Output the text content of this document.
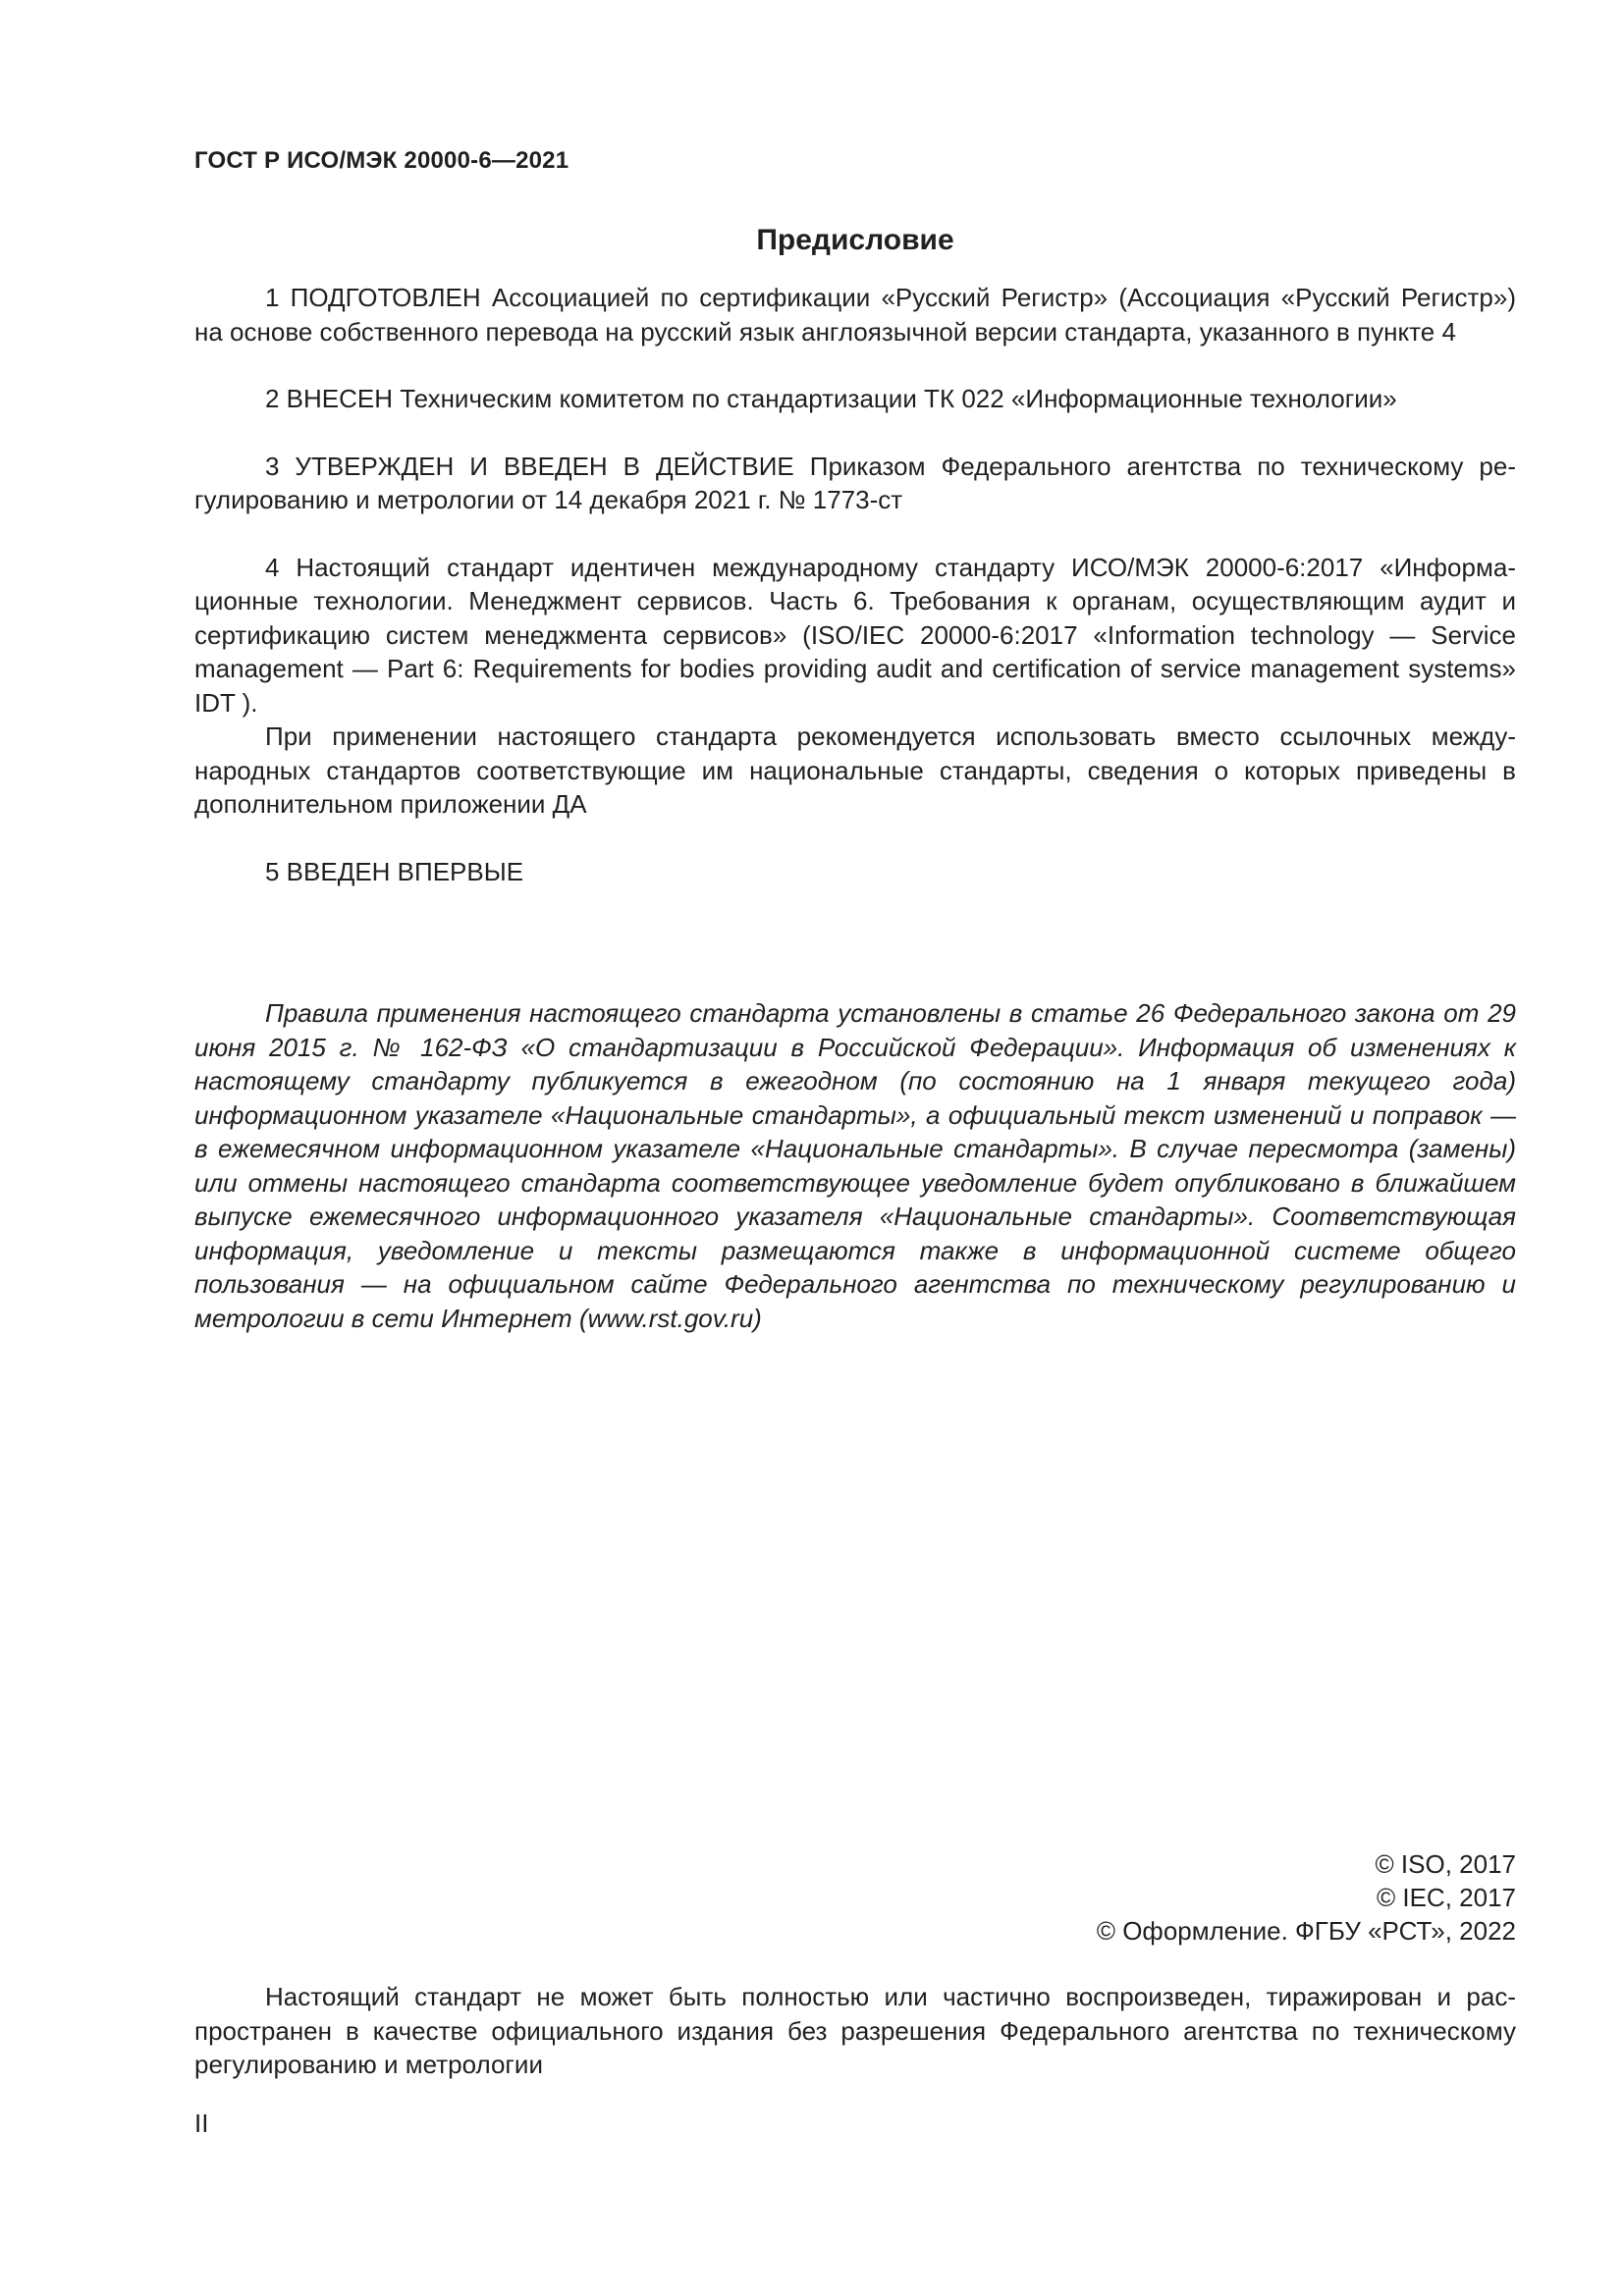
ГОСТ Р ИСО/МЭК 20000-6—2021
Предисловие

1 ПОДГОТОВЛЕН Ассоциацией по сертификации «Русский Регистр» (Ассоциация «Русский Регистр») на основе собственного перевода на русский язык англоязычной версии стандарта, указанного в пункте 4

2 ВНЕСЕН Техническим комитетом по стандартизации ТК 022 «Информационные технологии»

3 УТВЕРЖДЕН И ВВЕДЕН В ДЕЙСТВИЕ Приказом Федерального агентства по техническому регулированию и метрологии от 14 декабря 2021 г. № 1773-ст

4 Настоящий стандарт идентичен международному стандарту ИСО/МЭК 20000-6:2017 «Информационные технологии. Менеджмент сервисов. Часть 6. Требования к органам, осуществляющим аудит и сертификацию систем менеджмента сервисов» (ISO/IEC 20000-6:2017 «Information technology — Service management — Part 6: Requirements for bodies providing audit and certification of service management systems» IDT ).

При применении настоящего стандарта рекомендуется использовать вместо ссылочных международных стандартов соответствующие им национальные стандарты, сведения о которых приведены в дополнительном приложении ДА

5 ВВЕДЕН ВПЕРВЫЕ

Правила применения настоящего стандарта установлены в статье 26 Федерального закона от 29 июня 2015 г. № 162-ФЗ «О стандартизации в Российской Федерации». Информация об изменениях к настоящему стандарту публикуется в ежегодном (по состоянию на 1 января текущего года) информационном указателе «Национальные стандарты», а официальный текст изменений и поправок — в ежемесячном информационном указателе «Национальные стандарты». В случае пересмотра (замены) или отмены настоящего стандарта соответствующее уведомление будет опубликовано в ближайшем выпуске ежемесячного информационного указателя «Национальные стандарты». Соответствующая информация, уведомление и тексты размещаются также в информационной системе общего пользования — на официальном сайте Федерального агентства по техническому регулированию и метрологии в сети Интернет (www.rst.gov.ru)

© ISO, 2017
© IEC, 2017
© Оформление. ФГБУ «РСТ», 2022

Настоящий стандарт не может быть полностью или частично воспроизведен, тиражирован и распространен в качестве официального издания без разрешения Федерального агентства по техническому регулированию и метрологии

II
